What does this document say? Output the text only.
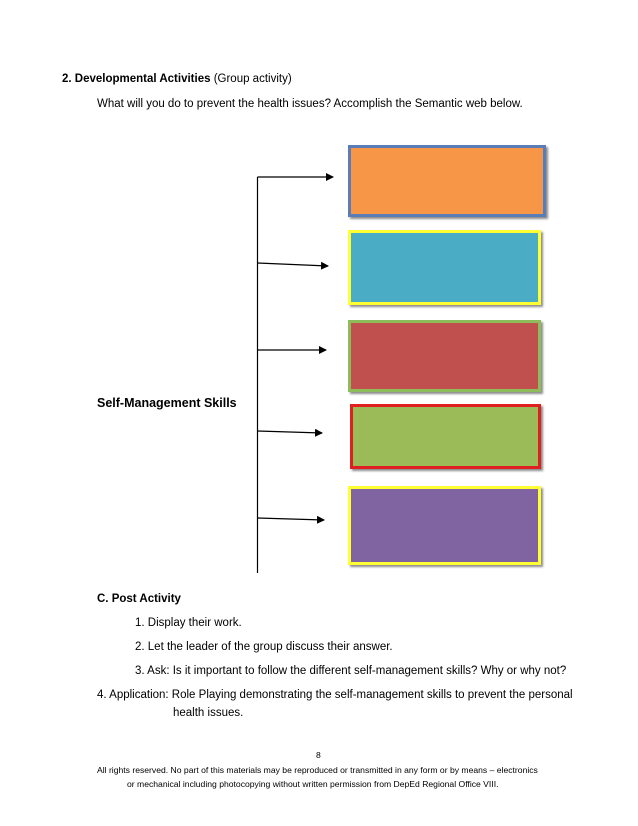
2. Developmental Activities (Group activity)
What will you do to prevent the health issues? Accomplish the Semantic web below.
Self-Management Skills
C. Post Activity
1. Display their work.
2. Let the leader of the group discuss their answer.
3. Ask: Is it important to follow the different self-management skills? Why or why not?
4. Application: Role Playing demonstrating the self-management skills to prevent the personal
health issues.
8
All rights reserved. No part of this materials may be reproduced or transmitted in any form or by means – electronics
or mechanical including photocopying without written permission from DepEd Regional Office VIII.
